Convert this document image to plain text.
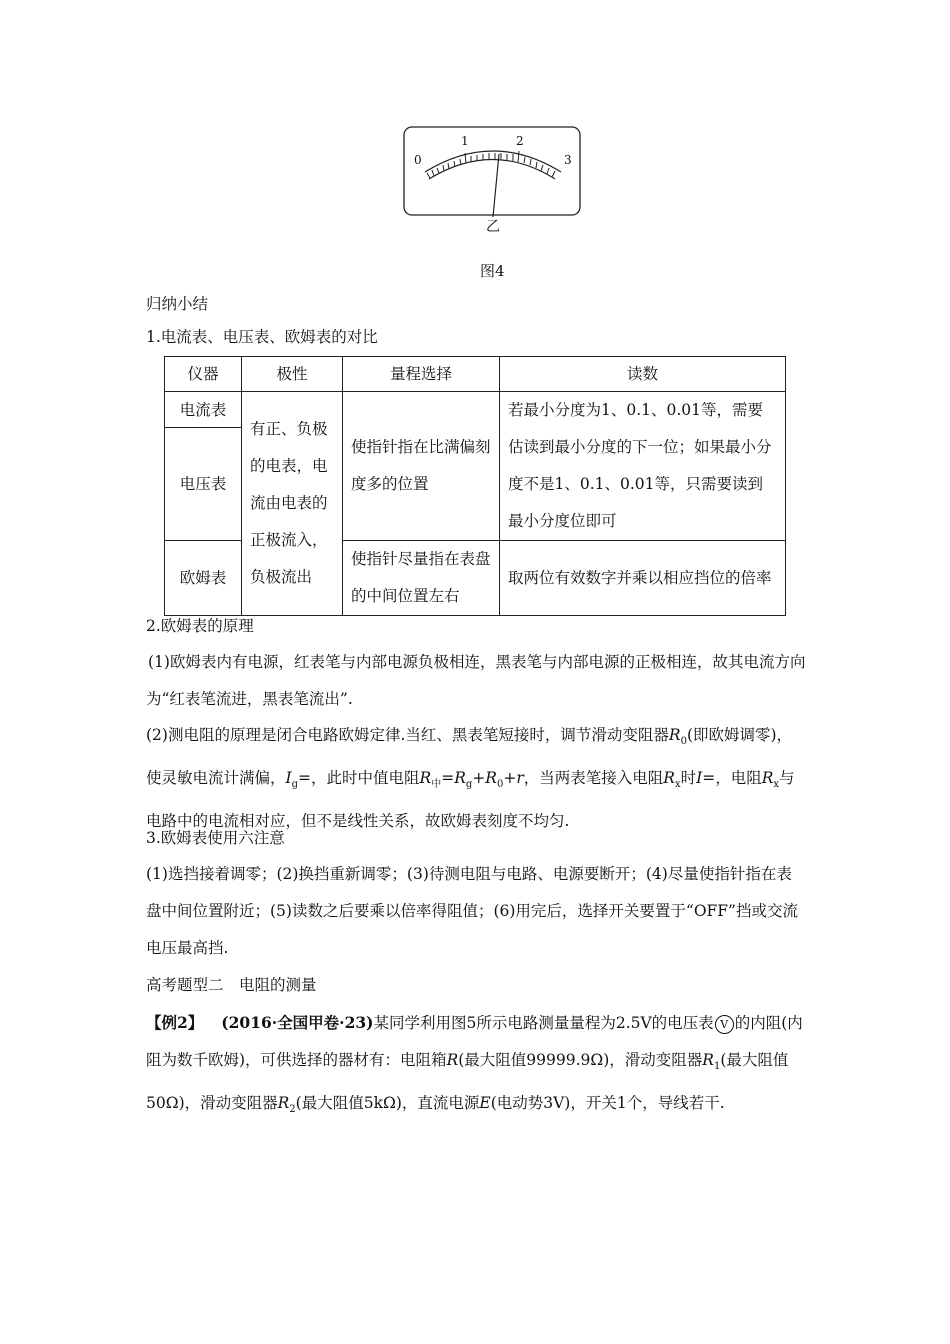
0
1	2
3
乙
图4
归纳小结
1.电流表、电压表、欧姆表的对比
仪器	极性	量程选择	读数
电流表	有正、负极的电表，电流由电表的正极流入，负极流出	使指针指在比满偏刻度多的位置	若最小分度为1、0.1、0.01等，需要估读到最小分度的下一位；如果最小分度不是1、0.1、0.01等，只需要读到最小分度位即可
电压表			
欧姆表		使指针尽量指在表盘的中间位置左右	取两位有效数字并乘以相应挡位的倍率
2.欧姆表的原理
(1)欧姆表内有电源，红表笔与内部电源负极相连，黑表笔与内部电源的正极相连，故其电流方向为“红表笔流进，黑表笔流出”.
(2)测电阻的原理是闭合电路欧姆定律.当红、黑表笔短接时，调节滑动变阻器$R_0$(即欧姆调零)，使灵敏电流计满偏，$I_g=$，此时中值电阻$R_中=R_g+R_0+r$，当两表笔接入电阻$R_x$时I=，电阻$R_x$与电路中的电流相对应，但不是线性关系，故欧姆表刻度不均匀.
3.欧姆表使用六注意
(1)选挡接着调零；(2)换挡重新调零；(3)待测电阻与电路、电源要断开；(4)尽量使指针指在表盘中间位置附近；(5)读数之后要乘以倍率得阻值；(6)用完后，选择开关要置于“OFF”挡或交流电压最高挡.
高考题型二　电阻的测量
【例2】 (2016·全国甲卷·23)某同学利用图5所示电路测量量程为2.5V的电压表 V 的内阻(内阻为数千欧姆)，可供选择的器材有：电阻箱R(最大阻值99999.9Ω)，滑动变阻器$R_1$(最大阻值50Ω)，滑动变阻器$R_2$(最大阻值5kΩ)，直流电源E(电动势3V)，开关1个，导线若干.
